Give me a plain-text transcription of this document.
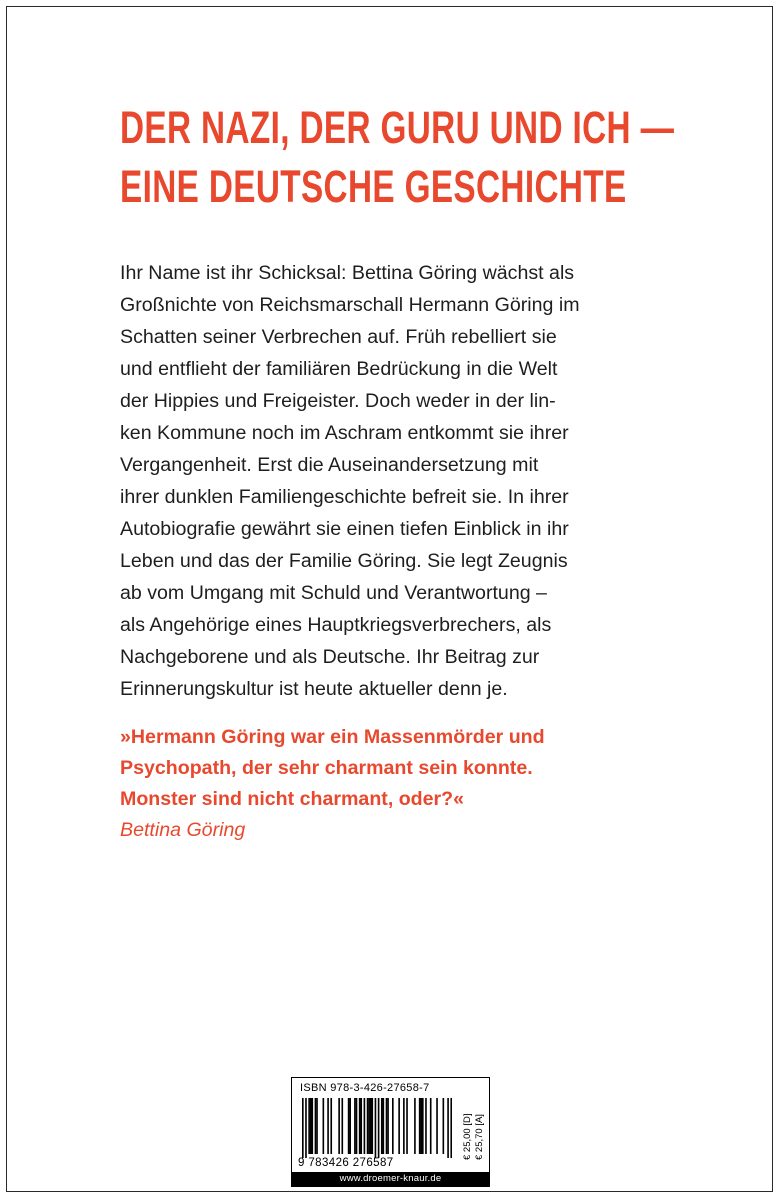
DER NAZI, DER GURU UND ICH —
EINE DEUTSCHE GESCHICHTE
Ihr Name ist ihr Schicksal: Bettina Göring wächst als
Großnichte von Reichsmarschall Hermann Göring im
Schatten seiner Verbrechen auf. Früh rebelliert sie
und entflieht der familiären Bedrückung in die Welt
der Hippies und Freigeister. Doch weder in der lin-
ken Kommune noch im Aschram entkommt sie ihrer
Vergangenheit. Erst die Auseinandersetzung mit
ihrer dunklen Familiengeschichte befreit sie. In ihrer
Autobiografie gewährt sie einen tiefen Einblick in ihr
Leben und das der Familie Göring. Sie legt Zeugnis
ab vom Umgang mit Schuld und Verantwortung –
als Angehörige eines Hauptkriegsverbrechers, als
Nachgeborene und als Deutsche. Ihr Beitrag zur
Erinnerungskultur ist heute aktueller denn je.
»Hermann Göring war ein Massenmörder und
Psychopath, der sehr charmant sein konnte.
Monster sind nicht charmant, oder?«
Bettina Göring
ISBN 978-3-426-27658-7
9 783426 276587
€ 25,00 [D] € 25,70 [A]
www.droemer-knaur.de
